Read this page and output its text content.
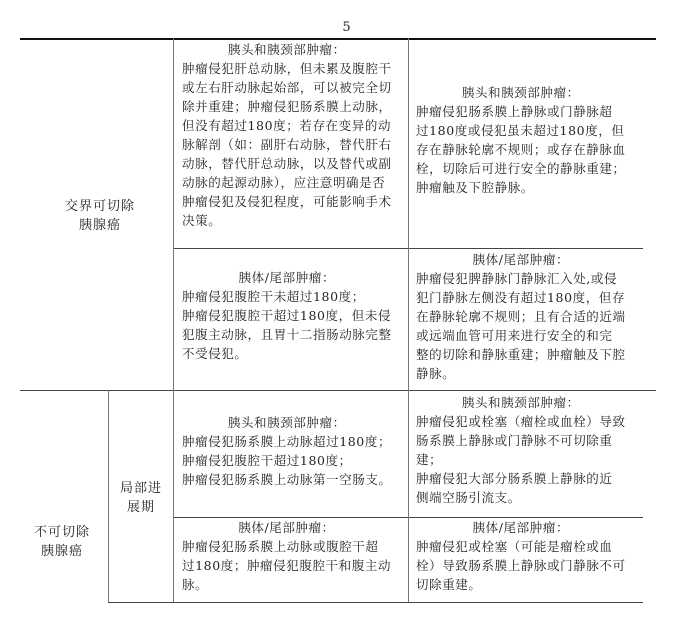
5
交界可切除
胰腺癌
胰头和胰颈部肿瘤：
肿瘤侵犯肝总动脉，但未累及腹腔干
或左右肝动脉起始部，可以被完全切
除并重建；肿瘤侵犯肠系膜上动脉，
但没有超过180度；若存在变异的动
脉解剖（如：副肝右动脉，替代肝右
动脉，替代肝总动脉，以及替代或副
动脉的起源动脉），应注意明确是否
肿瘤侵犯及侵犯程度，可能影响手术
决策。
胰头和胰颈部肿瘤：
肿瘤侵犯肠系膜上静脉或门静脉超
过180度或侵犯虽未超过180度，但
存在静脉轮廓不规则；或存在静脉血
栓，切除后可进行安全的静脉重建；
肿瘤触及下腔静脉。
胰体/尾部肿瘤：
肿瘤侵犯腹腔干未超过180度；
肿瘤侵犯腹腔干超过180度，但未侵
犯腹主动脉，且胃十二指肠动脉完整
不受侵犯。
胰体/尾部肿瘤：
肿瘤侵犯脾静脉门静脉汇入处,或侵
犯门静脉左侧没有超过180度，但存
在静脉轮廓不规则；且有合适的近端
或远端血管可用来进行安全的和完
整的切除和静脉重建；肿瘤触及下腔
静脉。
不可切除
胰腺癌
局部进
展期
胰头和胰颈部肿瘤：
肿瘤侵犯肠系膜上动脉超过180度；
肿瘤侵犯腹腔干超过180度；
肿瘤侵犯肠系膜上动脉第一空肠支。
胰头和胰颈部肿瘤：
肿瘤侵犯或栓塞（瘤栓或血栓）导致
肠系膜上静脉或门静脉不可切除重
建；
肿瘤侵犯大部分肠系膜上静脉的近
侧端空肠引流支。
胰体/尾部肿瘤：
肿瘤侵犯肠系膜上动脉或腹腔干超
过180度；肿瘤侵犯腹腔干和腹主动
脉。
胰体/尾部肿瘤：
肿瘤侵犯或栓塞（可能是瘤栓或血
栓）导致肠系膜上静脉或门静脉不可
切除重建。
